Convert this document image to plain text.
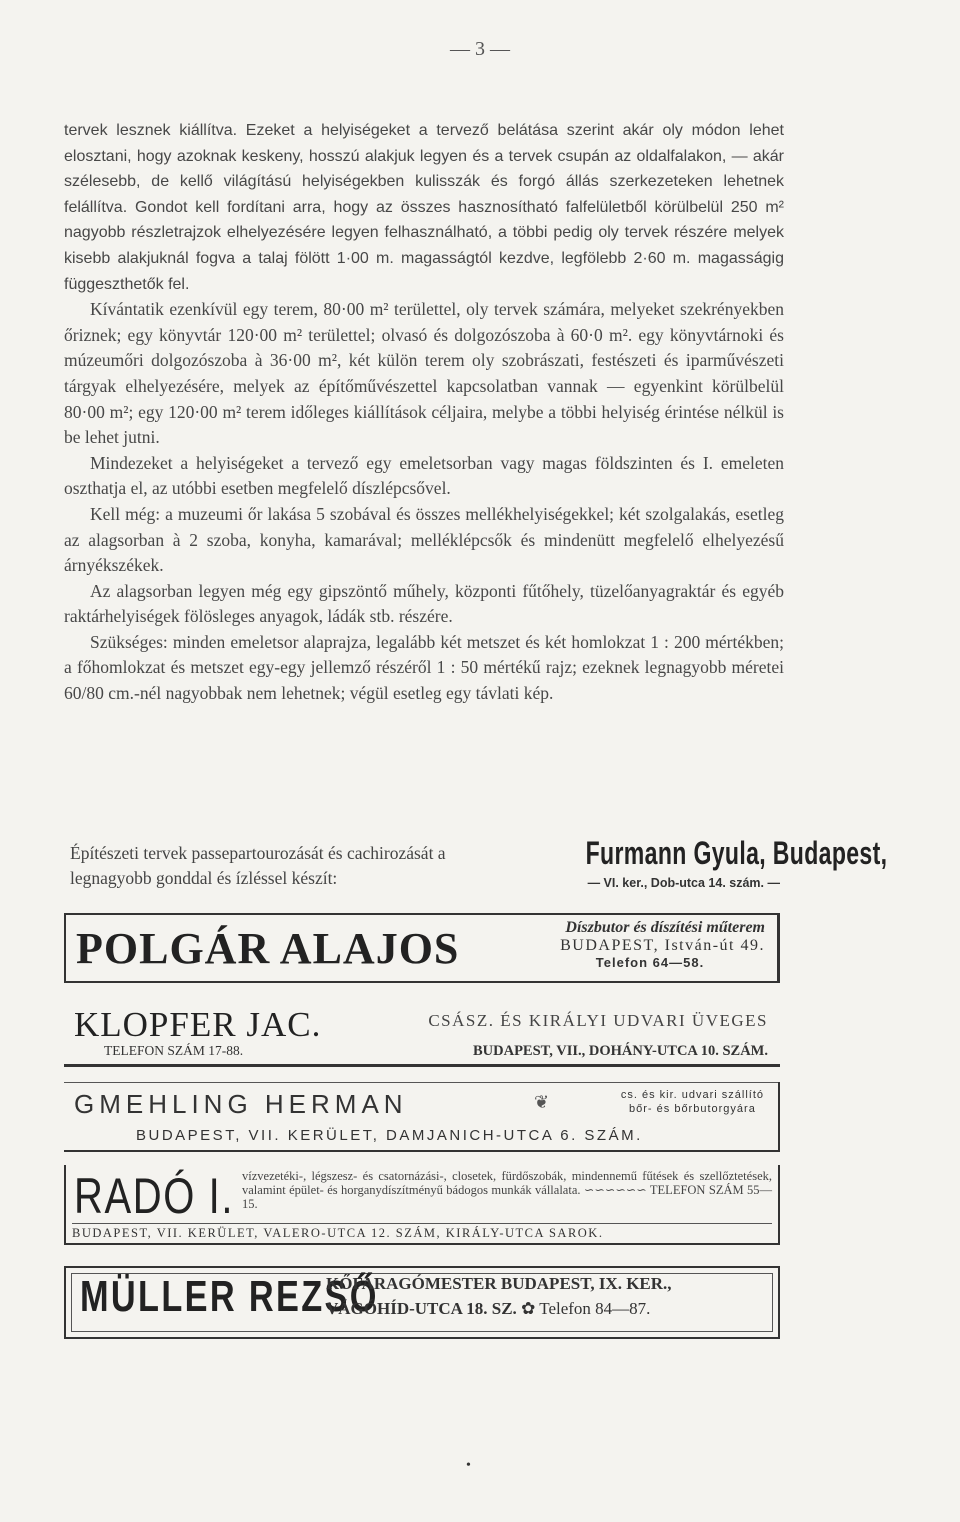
— 3 —

tervek lesznek kiállítva. Ezeket a helyiségeket a tervező belátása szerint akár oly módon lehet elosztani, hogy azoknak keskeny, hosszú alakjuk legyen és a tervek csupán az oldalfalakon, — akár szélesebb, de kellő világítású helyiségekben kulisszák és forgó állás szerkezeteken lehetnek felállítva. Gondot kell fordítani arra, hogy az összes hasznosítható falfelületből körülbelül 250 m² nagyobb részletrajzok elhelyezésére legyen felhasználható, a többi pedig oly tervek részére melyek kisebb alakjuknál fogva a talaj fölött 1·00 m. magasságtól kezdve, legfölebb 2·60 m. magasságig függeszthetők fel.

Kívántatik ezenkívül egy terem, 80·00 m² területtel, oly tervek számára, melyeket szekrényekben őriznek; egy könyvtár 120·00 m² területtel; olvasó és dolgozószoba à 60·0 m². egy könyvtárnoki és múzeumőri dolgozószoba à 36·00 m², két külön terem oly szobrászati, festészeti és iparművészeti tárgyak elhelyezésére, melyek az építőművészettel kapcsolatban vannak — egyenkint körülbelül 80·00 m²; egy 120·00 m² terem időleges kiállítások céljaira, melybe a többi helyiség érintése nélkül is be lehet jutni.

Mindezeket a helyiségeket a tervező egy emeletsorban vagy magas földszinten és I. emeleten oszthatja el, az utóbbi esetben megfelelő díszlépcsővel.

Kell még: a muzeumi őr lakása 5 szobával és összes mellékhelyiségekkel; két szolgalakás, esetleg az alagsorban à 2 szoba, konyha, kamarával; melléklépcsők és mindenütt megfelelő elhelyezésű árnyékszékek.

Az alagsorban legyen még egy gipszöntő műhely, központi fűtőhely, tüzelőanyagraktár és egyéb raktárhelyiségek fölösleges anyagok, ládák stb. részére.

Szükséges: minden emeletsor alaprajza, legalább két metszet és két homlokzat 1 : 200 mértékben; a főhomlokzat és metszet egy-egy jellemző részéről 1 : 50 mértékű rajz; ezeknek legnagyobb méretei 60/80 cm.-nél nagyobbak nem lehetnek; végül esetleg egy távlati kép.

Építészeti tervek passepartourozását és cachirozását a legnagyobb gonddal és ízléssel készít:
Furmann Gyula, Budapest,
— VI. ker., Dob-utca 14. szám. —
POLGÁR ALAJOS	Díszbutor és díszítési műterem
BUDAPEST, István-út 49.
Telefon 64—58.
KLOPFER JAC.
TELEFON SZÁM 17-88.
CSÁSZ. ÉS KIRÁLYI UDVARI ÜVEGES
BUDAPEST, VII., DOHÁNY-UTCA 10. SZÁM.
GMEHLING HERMAN	❦	cs. és kir. udvari szállító
bőr- és bőrbutorgyára
BUDAPEST, VII. KERÜLET, DAMJANICH-UTCA 6. SZÁM.
RADÓ I. vízvezetéki-, légszesz- és csatornázási-, closetek, fürdőszobák, mindennemű fűtések és szellőztetések, valamint épület- és horganydíszítményű bádogos munkák vállalata. ∽∽∽∽∽∽ TELEFON SZÁM 55—15.
BUDAPEST, VII. KERÜLET, VALERO-UTCA 12. SZÁM, KIRÁLY-UTCA SAROK.
MÜLLER REZSŐ
KŐFARAGÓMESTER BUDAPEST, IX. KER.,
VÁGÓHÍD-UTCA 18. SZ. ✿ Telefon 84—87.
•
